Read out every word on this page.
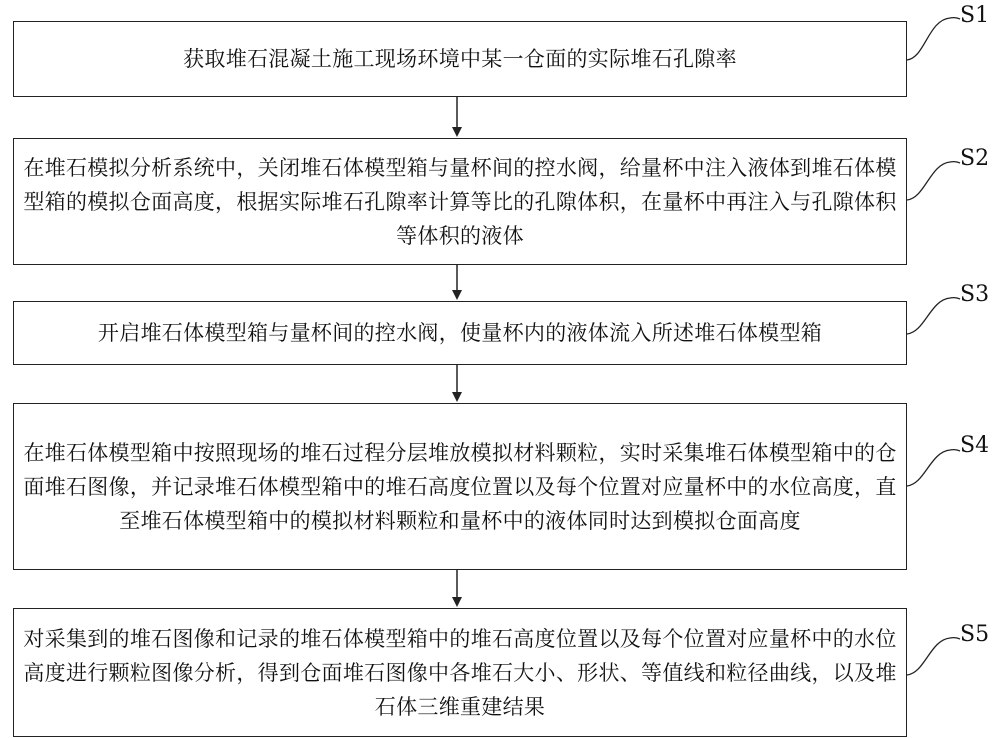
获取堆石混凝土施工现场环境中某一仓面的实际堆石孔隙率
在堆石模拟分析系统中，关闭堆石体模型箱与量杯间的控水阀，给量杯中注入液体到堆石体模型箱的模拟仓面高度，根据实际堆石孔隙率计算等比的孔隙体积，在量杯中再注入与孔隙体积等体积的液体
开启堆石体模型箱与量杯间的控水阀，使量杯内的液体流入所述堆石体模型箱
在堆石体模型箱中按照现场的堆石过程分层堆放模拟材料颗粒，实时采集堆石体模型箱中的仓面堆石图像，并记录堆石体模型箱中的堆石高度位置以及每个位置对应量杯中的水位高度，直至堆石体模型箱中的模拟材料颗粒和量杯中的液体同时达到模拟仓面高度
对采集到的堆石图像和记录的堆石体模型箱中的堆石高度位置以及每个位置对应量杯中的水位高度进行颗粒图像分析，得到仓面堆石图像中各堆石大小、形状、等值线和粒径曲线，以及堆石体三维重建结果
S1
S2
S3
S4
S5
